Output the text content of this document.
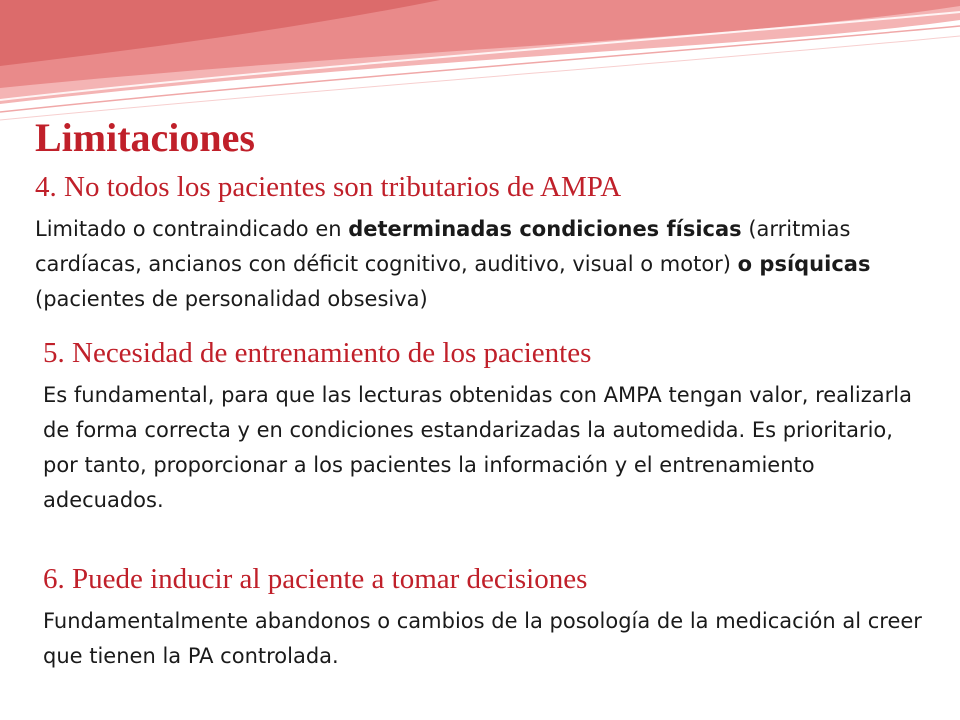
Limitaciones
4. No todos los pacientes son tributarios de AMPA

Limitado o contraindicado en determinadas condiciones físicas (arritmias cardíacas, ancianos con déficit cognitivo, auditivo, visual o motor) o psíquicas (pacientes de personalidad obsesiva)

5. Necesidad de entrenamiento de los pacientes

Es fundamental, para que las lecturas obtenidas con AMPA tengan valor, realizarla de forma correcta y en condiciones estandarizadas la automedida. Es prioritario, por tanto, proporcionar a los pacientes la información y el entrenamiento adecuados.

6. Puede inducir al paciente a tomar decisiones

Fundamentalmente abandonos o cambios de la posología de la medicación al creer que tienen la PA controlada.
